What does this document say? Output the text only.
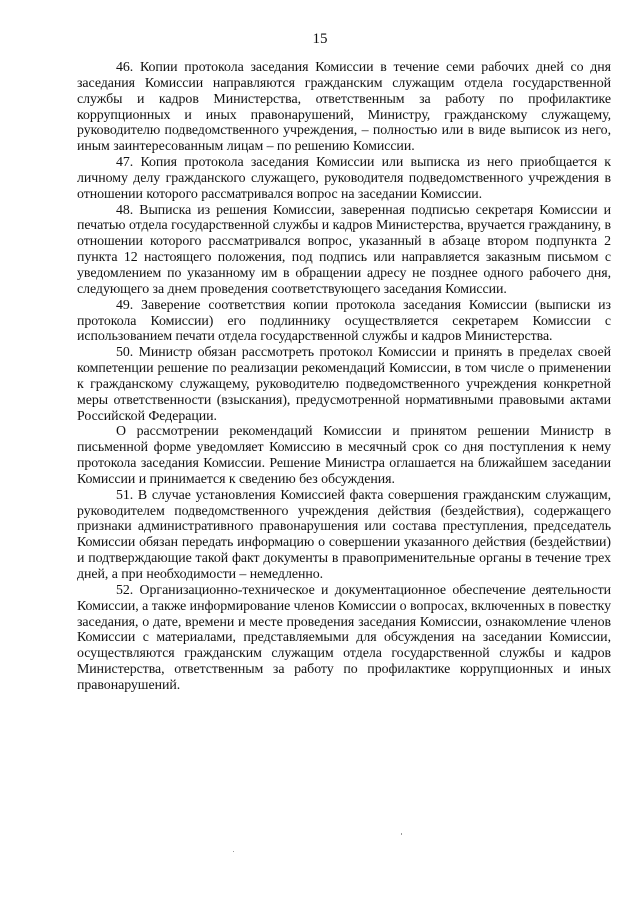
15

46. Копии протокола заседания Комиссии в течение семи рабочих дней со дня заседания Комиссии направляются гражданским служащим отдела государственной службы и кадров Министерства, ответственным за работу по профилактике коррупционных и иных правонарушений, Министру, гражданскому служащему, руководителю подведомственного учреждения, – полностью или в виде выписок из него, иным заинтересованным лицам – по решению Комиссии.

47. Копия протокола заседания Комиссии или выписка из него приобщается к личному делу гражданского служащего, руководителя подведомственного учреждения в отношении которого рассматривался вопрос на заседании Комиссии.

48. Выписка из решения Комиссии, заверенная подписью секретаря Комиссии и печатью отдела государственной службы и кадров Министерства, вручается гражданину, в отношении которого рассматривался вопрос, указанный в абзаце втором подпункта 2 пункта 12 настоящего положения, под подпись или направляется заказным письмом с уведомлением по указанному им в обращении адресу не позднее одного рабочего дня, следующего за днем проведения соответствующего заседания Комиссии.

49. Заверение соответствия копии протокола заседания Комиссии (выписки из протокола Комиссии) его подлиннику осуществляется секретарем Комиссии с использованием печати отдела государственной службы и кадров Министерства.

50. Министр обязан рассмотреть протокол Комиссии и принять в пределах своей компетенции решение по реализации рекомендаций Комиссии, в том числе о применении к гражданскому служащему, руководителю подведомственного учреждения конкретной меры ответственности (взыскания), предусмотренной нормативными правовыми актами Российской Федерации.

О рассмотрении рекомендаций Комиссии и принятом решении Министр в письменной форме уведомляет Комиссию в месячный срок со дня поступления к нему протокола заседания Комиссии. Решение Министра оглашается на ближайшем заседании Комиссии и принимается к сведению без обсуждения.

51. В случае установления Комиссией факта совершения гражданским служащим, руководителем подведомственного учреждения действия (бездействия), содержащего признаки административного правонарушения или состава преступления, председатель Комиссии обязан передать информацию о совершении указанного действия (бездействии) и подтверждающие такой факт документы в правоприменительные органы в течение трех дней, а при необходимости – немедленно.

52. Организационно-техническое и документационное обеспечение деятельности Комиссии, а также информирование членов Комиссии о вопросах, включенных в повестку заседания, о дате, времени и месте проведения заседания Комиссии, ознакомление членов Комиссии с материалами, представляемыми для обсуждения на заседании Комиссии, осуществляются гражданским служащим отдела государственной службы и кадров Министерства, ответственным за работу по профилактике коррупционных и иных правонарушений.
